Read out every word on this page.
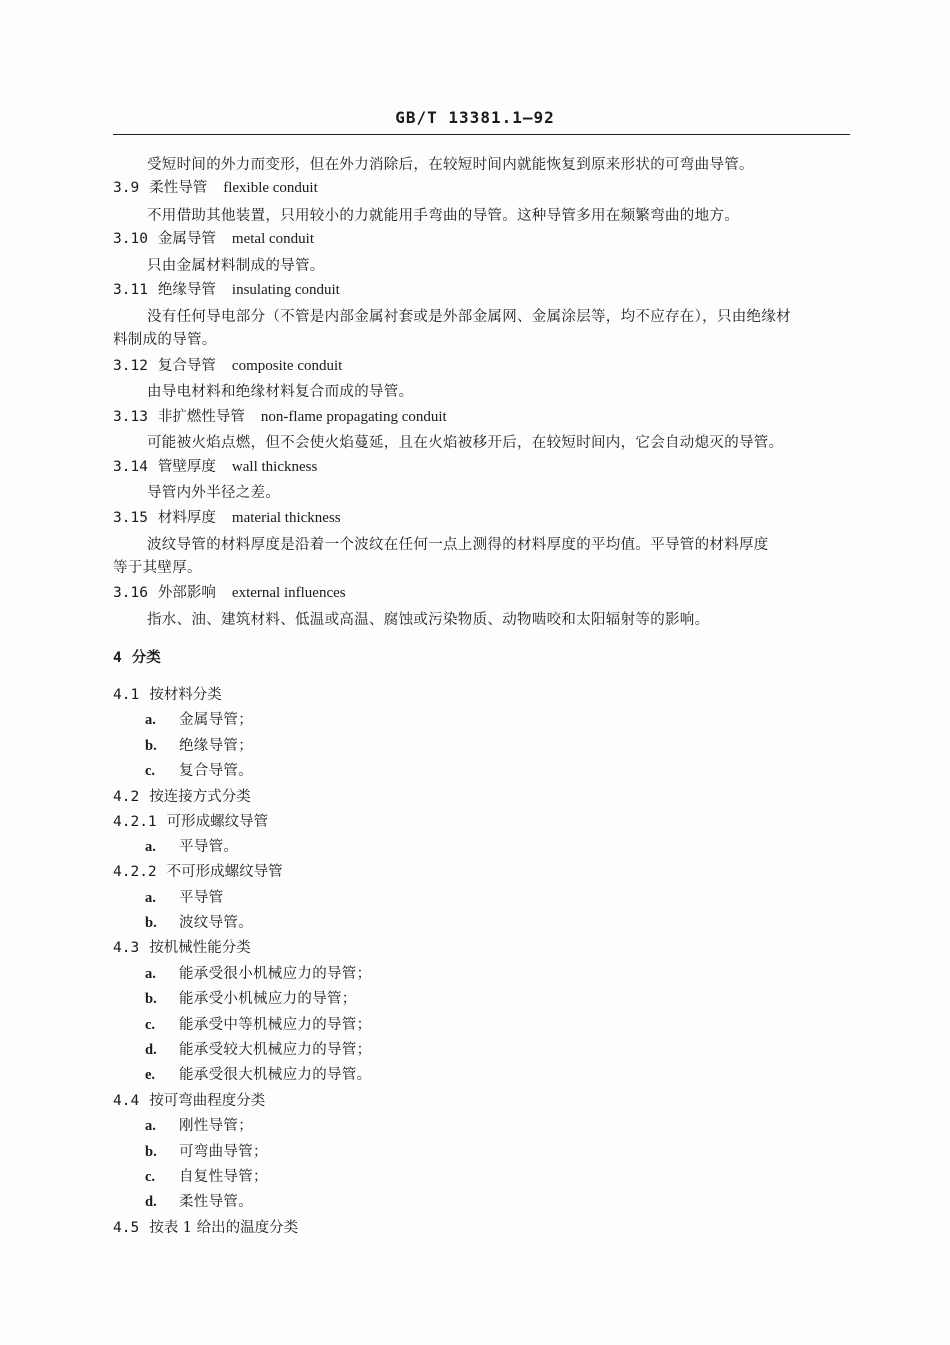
GB/T 13381.1—92
受短时间的外力而变形，但在外力消除后，在较短时间内就能恢复到原来形状的可弯曲导管。
3.9 柔性导管 flexible conduit
不用借助其他装置，只用较小的力就能用手弯曲的导管。这种导管多用在频繁弯曲的地方。
3.10 金属导管 metal conduit
只由金属材料制成的导管。
3.11 绝缘导管 insulating conduit
没有任何导电部分（不管是内部金属衬套或是外部金属网、金属涂层等，均不应存在），只由绝缘材
料制成的导管。
3.12 复合导管 composite conduit
由导电材料和绝缘材料复合而成的导管。
3.13 非扩燃性导管 non-flame propagating conduit
可能被火焰点燃，但不会使火焰蔓延，且在火焰被移开后，在较短时间内，它会自动熄灭的导管。
3.14 管壁厚度 wall thickness
导管内外半径之差。
3.15 材料厚度 material thickness
波纹导管的材料厚度是沿着一个波纹在任何一点上测得的材料厚度的平均值。平导管的材料厚度
等于其壁厚。
3.16 外部影响 external influences
指水、油、建筑材料、低温或高温、腐蚀或污染物质、动物啮咬和太阳辐射等的影响。
4 分类
4.1 按材料分类
a. 金属导管；
b. 绝缘导管；
c. 复合导管。
4.2 按连接方式分类
4.2.1 可形成螺纹导管
a. 平导管。
4.2.2 不可形成螺纹导管
a. 平导管
b. 波纹导管。
4.3 按机械性能分类
a. 能承受很小机械应力的导管；
b. 能承受小机械应力的导管；
c. 能承受中等机械应力的导管；
d. 能承受较大机械应力的导管；
e. 能承受很大机械应力的导管。
4.4 按可弯曲程度分类
a. 刚性导管；
b. 可弯曲导管；
c. 自复性导管；
d. 柔性导管。
4.5 按表 1 给出的温度分类
